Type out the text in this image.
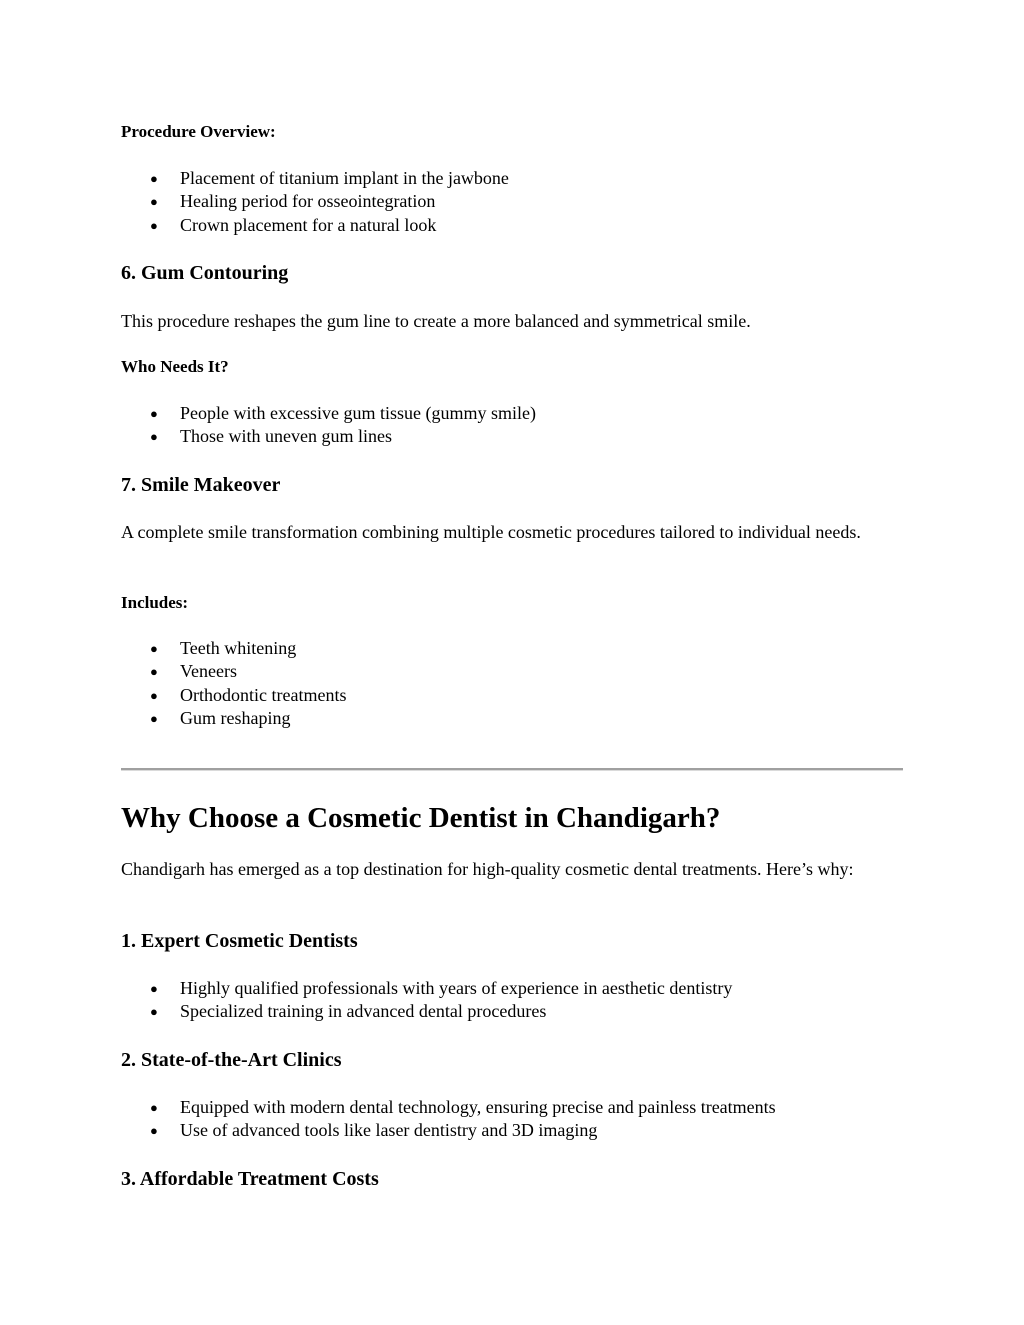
Procedure Overview:
● Placement of titanium implant in the jawbone
● Healing period for osseointegration
● Crown placement for a natural look
6. Gum Contouring

This procedure reshapes the gum line to create a more balanced and symmetrical smile.

Who Needs It?
● People with excessive gum tissue (gummy smile)
● Those with uneven gum lines
7. Smile Makeover

A complete smile transformation combining multiple cosmetic procedures tailored to individual needs.

Includes:
● Teeth whitening
● Veneers
● Orthodontic treatments
● Gum reshaping
Why Choose a Cosmetic Dentist in Chandigarh?

Chandigarh has emerged as a top destination for high-quality cosmetic dental treatments. Here’s why:

1. Expert Cosmetic Dentists
● Highly qualified professionals with years of experience in aesthetic dentistry
● Specialized training in advanced dental procedures
2. State-of-the-Art Clinics
● Equipped with modern dental technology, ensuring precise and painless treatments
● Use of advanced tools like laser dentistry and 3D imaging
3. Affordable Treatment Costs
